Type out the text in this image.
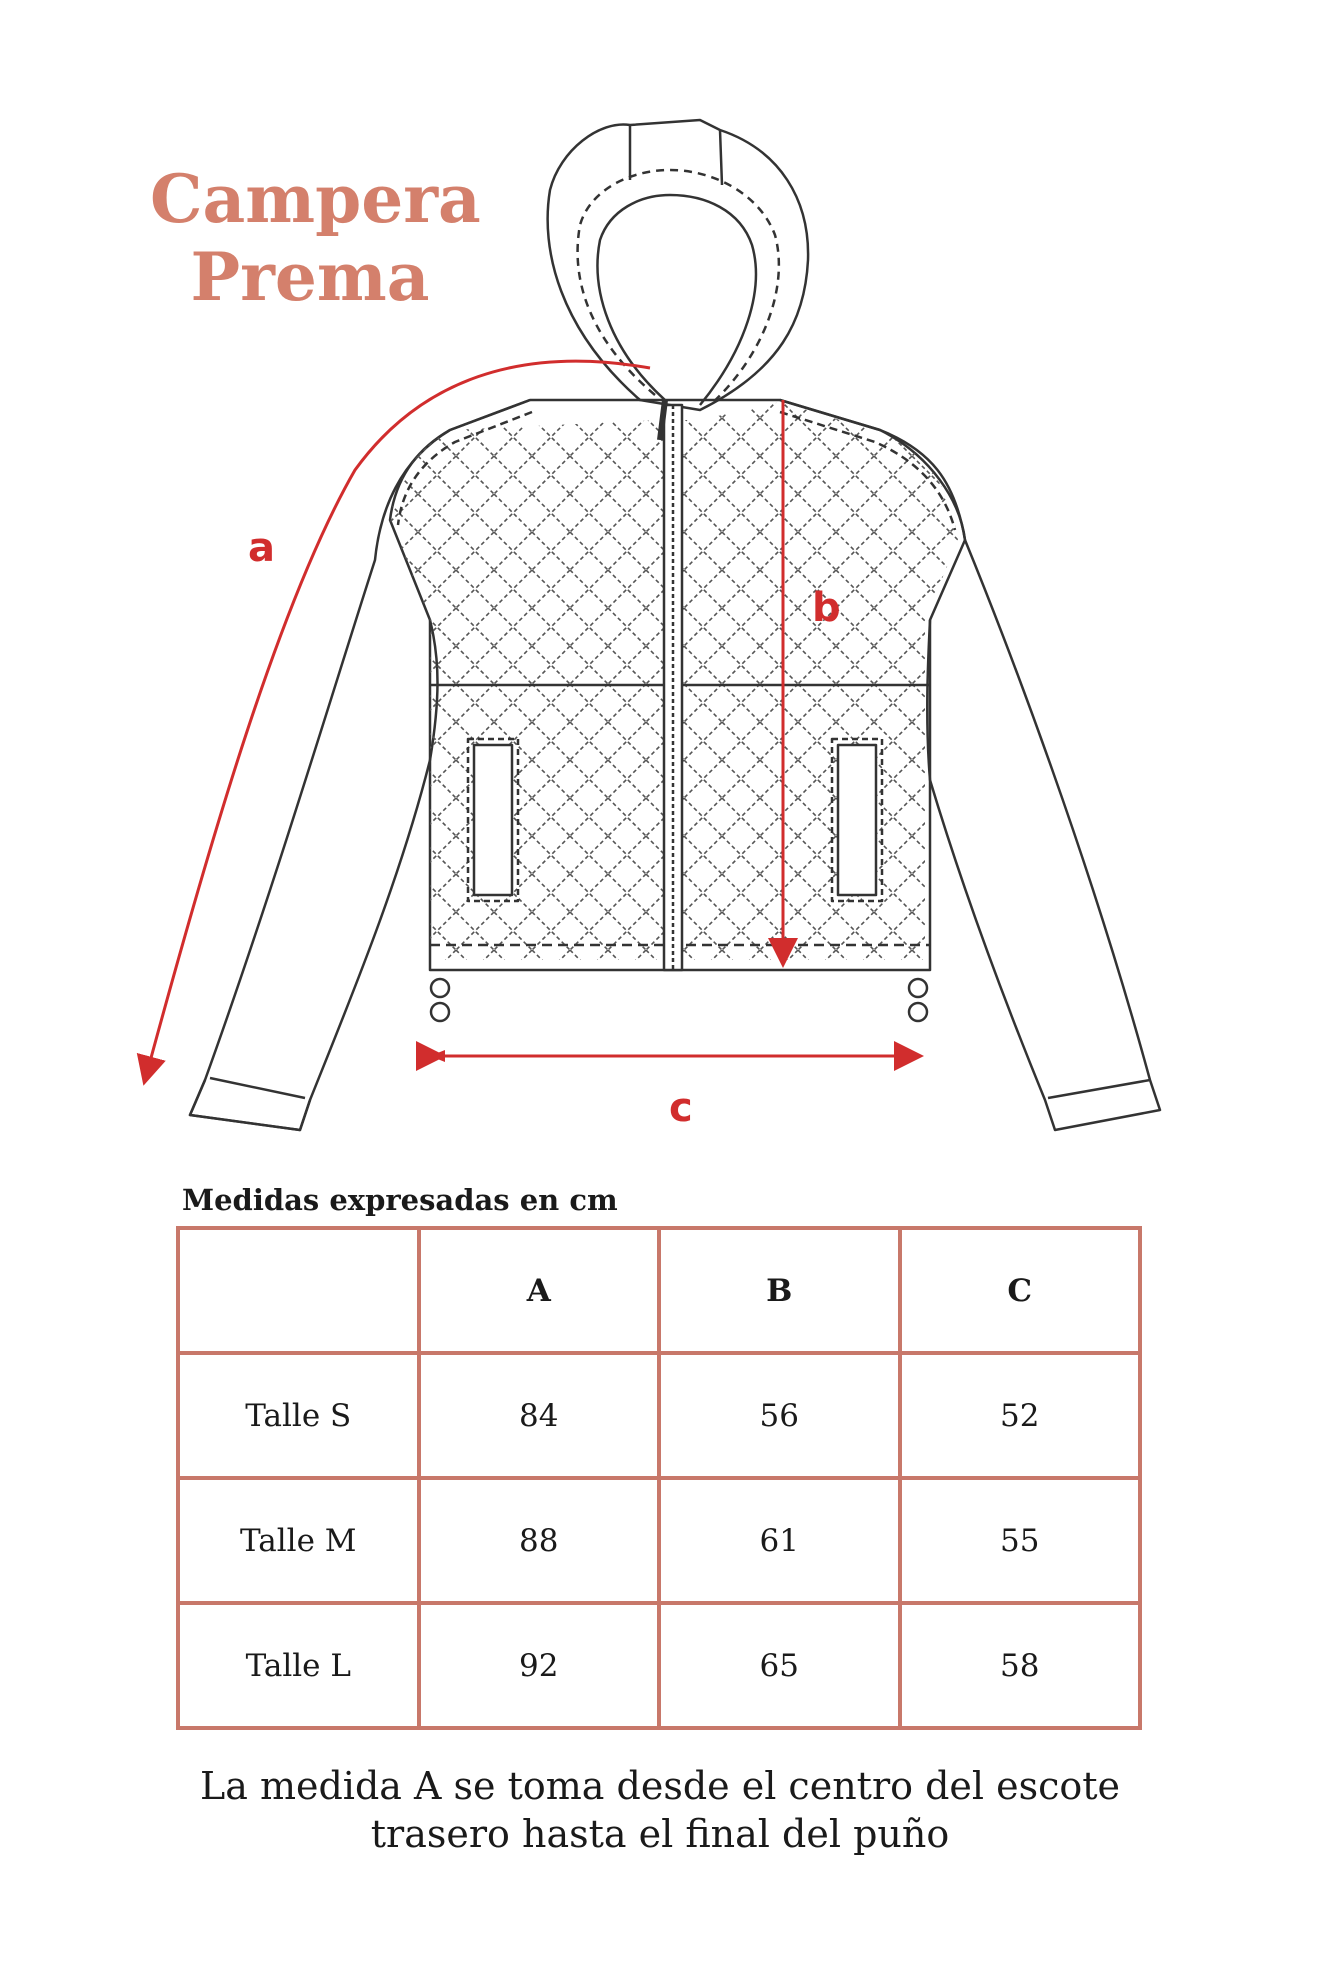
Campera
Prema
a
b
c

Medidas expresadas en cm

	A	B	C
Talle S	84	56	52
Talle M	88	61	55
Talle L	92	65	58

La medida A se toma desde el centro del escote
trasero hasta el final del puño
